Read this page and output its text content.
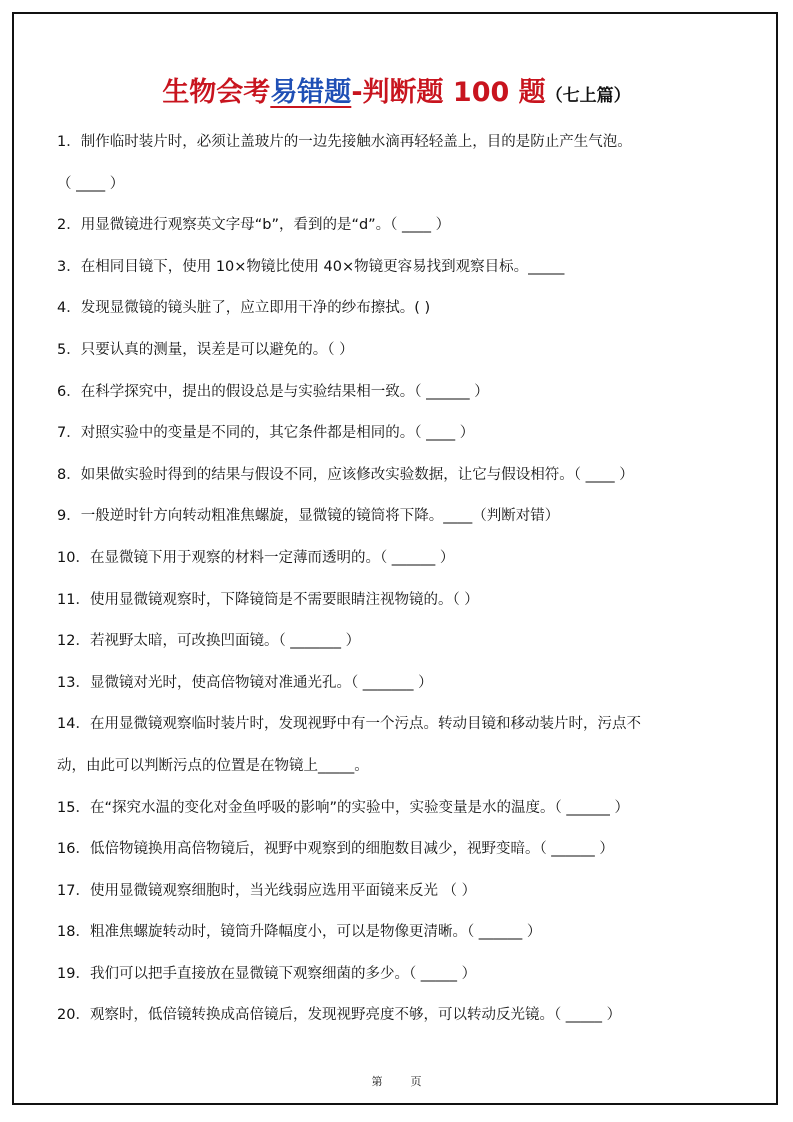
生物会考易错题-判断题 100 题（七上篇）
1．制作临时装片时，必须让盖玻片的一边先接触水滴再轻轻盖上，目的是防止产生气泡。
（ ____ ）
2．用显微镜进行观察英文字母“b”，看到的是“d”。（ ____ ）
3．在相同目镜下，使用 10×物镜比使用 40×物镜更容易找到观察目标。_____
4．发现显微镜的镜头脏了，应立即用干净的纱布擦拭。( )
5．只要认真的测量，误差是可以避免的。（ ）
6．在科学探究中，提出的假设总是与实验结果相一致。（ ______ ）
7．对照实验中的变量是不同的，其它条件都是相同的。（ ____ ）
8．如果做实验时得到的结果与假设不同，应该修改实验数据，让它与假设相符。（ ____ ）
9．一般逆时针方向转动粗准焦螺旋，显微镜的镜筒将下降。____（判断对错）
10．在显微镜下用于观察的材料一定薄而透明的。（ ______ ）
11．使用显微镜观察时，下降镜筒是不需要眼睛注视物镜的。（ ）
12．若视野太暗，可改换凹面镜。（ _______ ）
13．显微镜对光时，使高倍物镜对准通光孔。（ _______ ）
14．在用显微镜观察临时装片时，发现视野中有一个污点。转动目镜和移动装片时，污点不
动，由此可以判断污点的位置是在物镜上_____。
15．在“探究水温的变化对金鱼呼吸的影响”的实验中，实验变量是水的温度。（ ______ ）
16．低倍物镜换用高倍物镜后，视野中观察到的细胞数目减少，视野变暗。（ ______ ）
17．使用显微镜观察细胞时，当光线弱应选用平面镜来反光 （ ）
18．粗准焦螺旋转动时，镜筒升降幅度小，可以是物像更清晰。（ ______ ）
19．我们可以把手直接放在显微镜下观察细菌的多少。（ _____ ）
20．观察时，低倍镜转换成高倍镜后，发现视野亮度不够，可以转动反光镜。（ _____ ）
第	页
